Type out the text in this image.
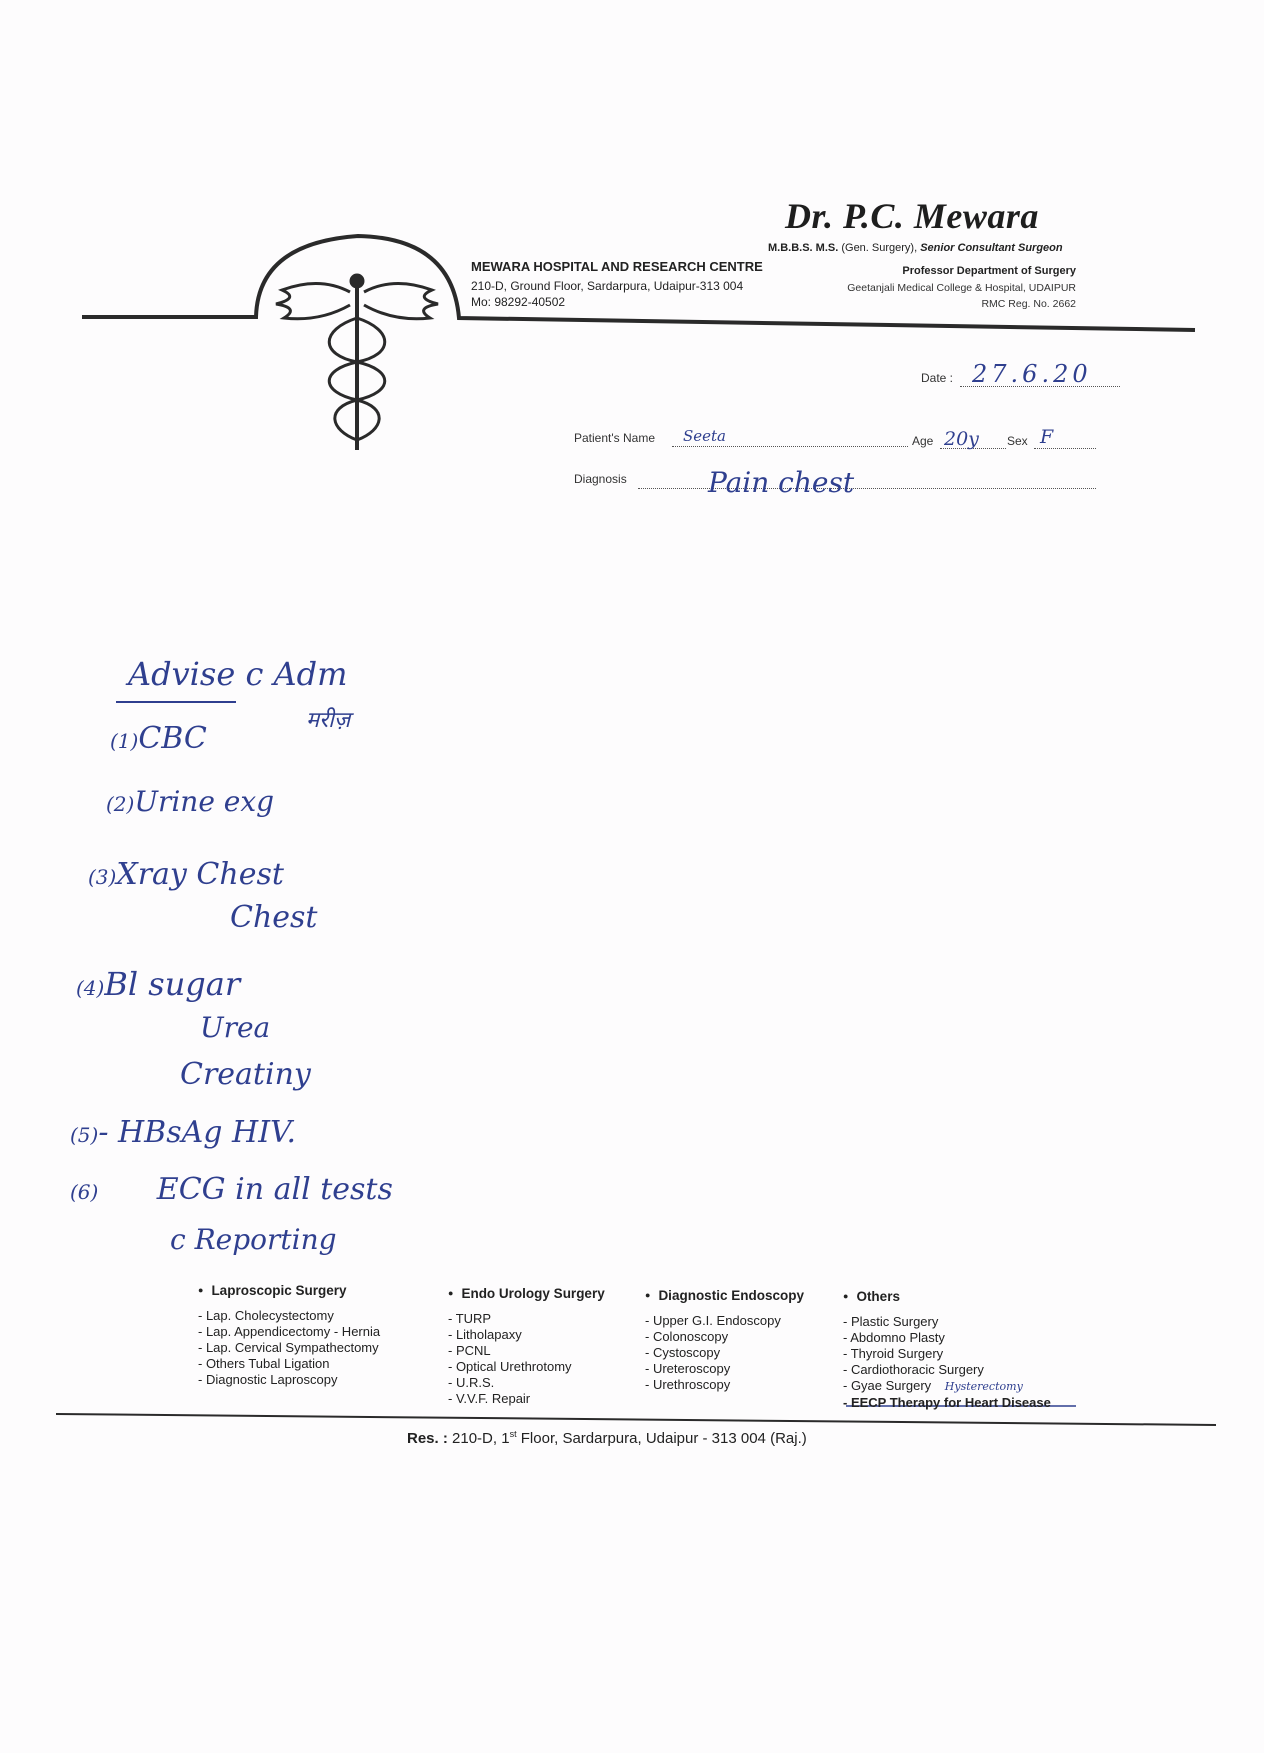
Dr. P.C. Mewara
M.B.B.S. M.S. (Gen. Surgery), Senior Consultant Surgeon
MEWARA HOSPITAL AND RESEARCH CENTRE
210-D, Ground Floor, Sardarpura, Udaipur-313 004
Mo: 98292-40502
Professor Department of Surgery
Geetanjali Medical College & Hospital, UDAIPUR
RMC Reg. No. 2662
Date : 27.6.20
Patient's Name Seeta	Age 20y Sex F
Diagnosis	Pain chest
Advise c Adm
मरीज़
(1)CBC
(2)Urine exg
(3)Xray Chest
Chest
(4)Bl sugar
Urea
Creatiny
(5)- HBsAg HIV.
(6) ECG in all tests
c Reporting
● Laproscopic Surgery
- Lap. Cholecystectomy
- Lap. Appendicectomy - Hernia
- Lap. Cervical Sympathectomy
- Others Tubal Ligation
- Diagnostic Laproscopy
● Endo Urology Surgery
- TURP
- Litholapaxy
- PCNL
- Optical Urethrotomy
- U.R.S.
- V.V.F. Repair
● Diagnostic Endoscopy
- Upper G.I. Endoscopy
- Colonoscopy
- Cystoscopy
- Ureteroscopy
- Urethroscopy
● Others
- Plastic Surgery
- Abdomno Plasty
- Thyroid Surgery
- Cardiothoracic Surgery
- Gyae Surgery Hysterectomy
- EECP Therapy for Heart Disease
Res. : 210-D, 1st Floor, Sardarpura, Udaipur - 313 004 (Raj.)
